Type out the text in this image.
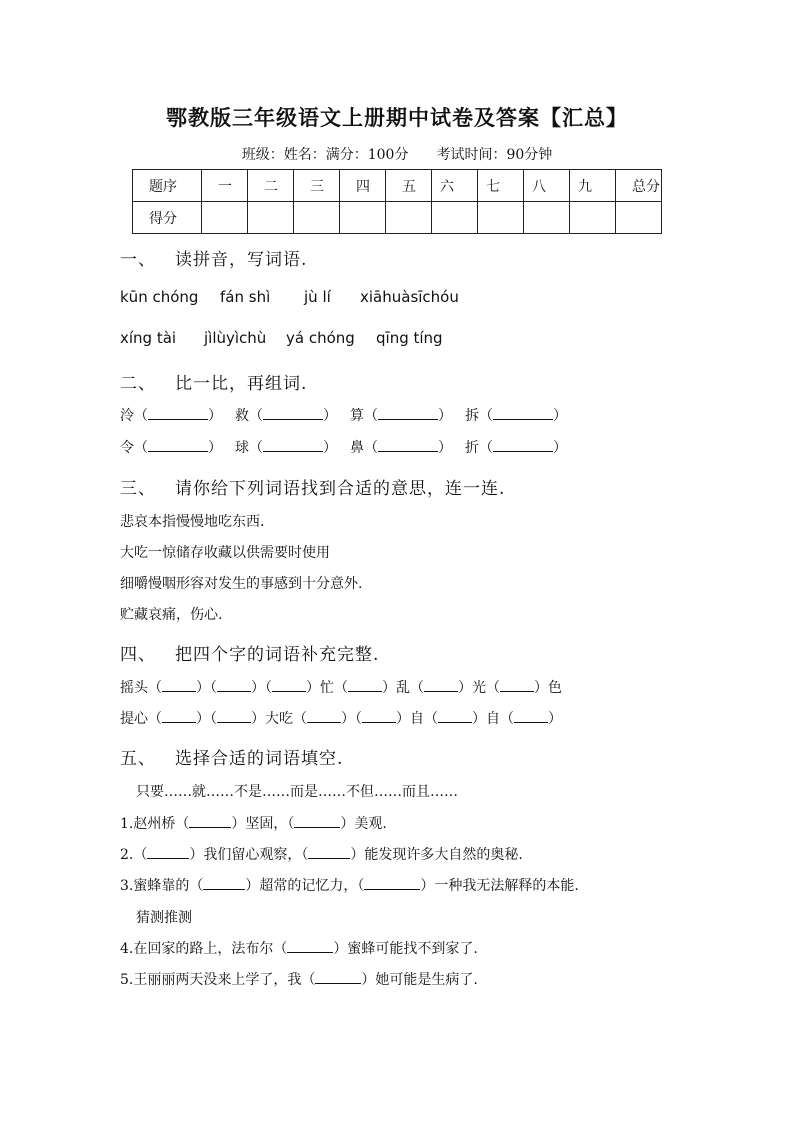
鄂教版三年级语文上册期中试卷及答案【汇总】
班级：姓名：满分：100分　　考试时间：90分钟
题序	一	二	三	四	五	六	七	八	九	总分
得分										
一、 读拼音，写词语.
kūn chóng fán shì jù lí xiāhuàsīchóu
xíng tài jìlùyìchù yá chóng qīng tíng
二、 比一比，再组词.
泠（	） 救（	） 算（	） 拆（	）
令（	） 球（	） 鼻（	） 折（	）
三、 请你给下列词语找到合适的意思，连一连.
悲哀本指慢慢地吃东西.
大吃一惊储存收藏以供需要时使用
细嚼慢咽形容对发生的事感到十分意外.
贮藏哀痛，伤心.
四、 把四个字的词语补充完整.
摇头（ ）（ ）（ ）忙（ ）乱（ ）光（ ）色
提心（ ）（ ）大吃（ ）（ ）自（ ）自（ ）
五、 选择合适的词语填空.
只要……就……不是……而是……不但……而且……
1.赵州桥（	）坚固，（	）美观.
2.（	）我们留心观察，（	）能发现许多大自然的奥秘.
3.蜜蜂靠的（	）超常的记忆力，（	）一种我无法解释的本能.
猜测推测
4.在回家的路上，法布尔（	）蜜蜂可能找不到家了.
5.王丽丽两天没来上学了，我（	）她可能是生病了.
